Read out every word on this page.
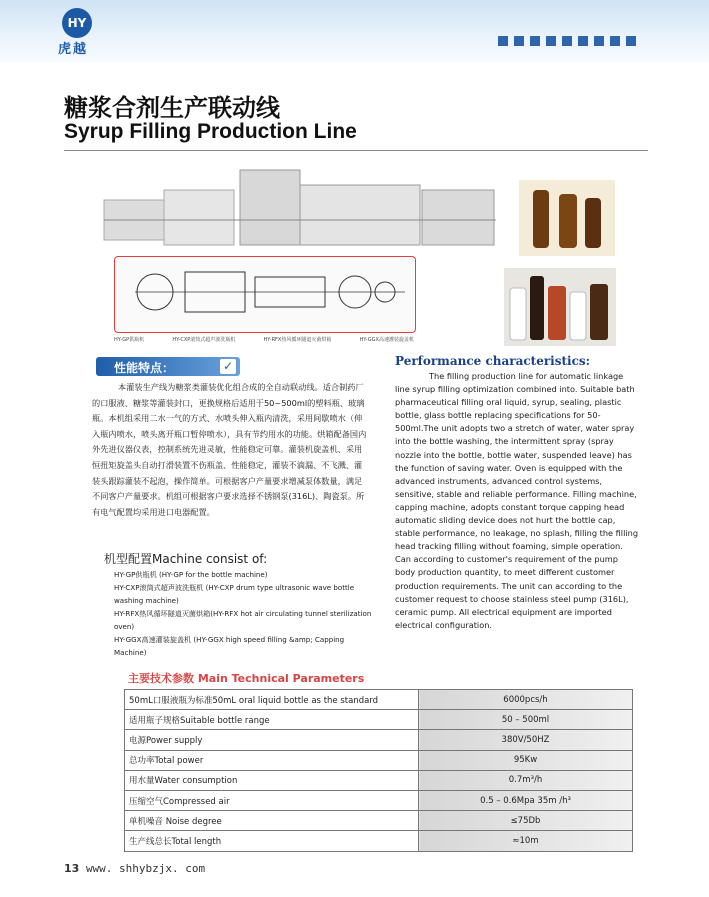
HY
虎越
糖浆合剂生产联动线
Syrup Filling Production Line
HY-GP供瓶机	HY-CXP滚筒式超声波洗瓶机	HY-RFX热风循环隧道灭菌烘箱	HY-GGX高速灌装旋盖机
性能特点：	✓
本灌装生产线为糖浆类灌装优化组合成的全自动联动线。适合制药厂的口服液、糖浆等灌装封口，更换规格后适用于50~500ml的塑料瓶、玻璃瓶。本机组采用二水一气的方式、水喷头伸入瓶内清洗，采用间歇喷水（伸入瓶内喷水，喷头离开瓶口暂停喷水），具有节约用水的功能。烘箱配备国内外先进仪器仪表，控制系统先进灵敏，性能稳定可靠。灌装机旋盖机、采用恒扭矩旋盖头自动打滑装置不伤瓶盖、性能稳定，灌装不滴漏、不飞溅、灌装头跟踪灌装不起泡，操作简单。可根据客户产量要求增减泵体数量，满足不同客户产量要求。机组可根据客户要求选择不锈钢泵(316L)、陶瓷泵。所有电气配置均采用进口电器配置。
Performance characteristics:
The filling production line for automatic linkage line syrup filling optimization combined into. Suitable bath pharmaceutical filling oral liquid, syrup, sealing, plastic bottle, glass bottle replacing specifications for 50-500ml.The unit adopts two a stretch of water, water spray into the bottle washing, the intermittent spray (spray nozzle into the bottle, bottle water, suspended leave) has the function of saving water. Oven is equipped with the advanced instruments, advanced control systems, sensitive, stable and reliable performance. Filling machine, capping machine, adopts constant torque capping head automatic sliding device does not hurt the bottle cap, stable performance, no leakage, no splash, filling the filling head tracking filling without foaming, simple operation. Can according to customer's requirement of the pump body production quantity, to meet different customer production requirements. The unit can according to the customer request to choose stainless steel pump (316L), ceramic pump. All electrical equipment are imported electrical configuration.
机型配置Machine consist of:
HY-GP供瓶机 (HY-GP for the bottle machine)
HY-CXP滚筒式超声波洗瓶机 (HY-CXP drum type ultrasonic wave bottle washing machine)
HY-RFX热风循环隧道灭菌烘箱(HY-RFX hot air circulating tunnel sterilization oven)
HY-GGX高速灌装旋盖机 (HY-GGX high speed filling &amp; Capping Machine)
主要技术参数 Main Technical Parameters
50mL口服液瓶为标准50mL oral liquid bottle as the standard	6000pcs/h
适用瓶子规格Suitable bottle range	50 – 500ml
电源Power supply	380V/50HZ
总功率Total power	95Kw
用水量Water consumption	0.7m³/h
压缩空气Compressed air	0.5 – 0.6Mpa 35m /h³
单机噪音 Noise degree	≤75Db
生产线总长Total length	≈10m
13 www. shhybzjx. com
